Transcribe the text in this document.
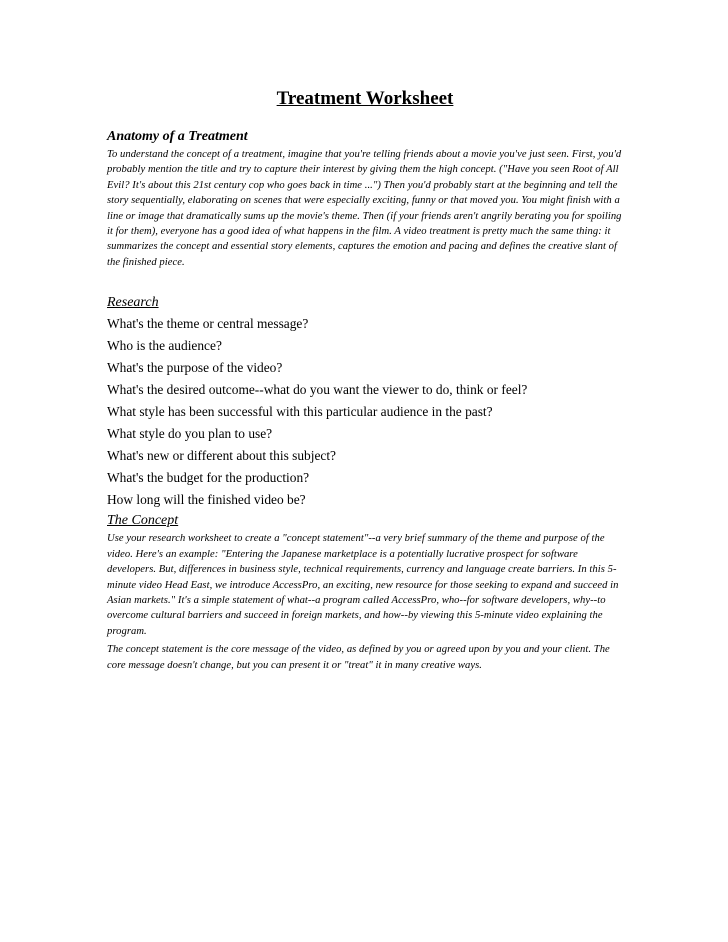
Treatment Worksheet
Anatomy of a Treatment

To understand the concept of a treatment, imagine that you're telling friends about a movie you've just seen. First, you'd probably mention the title and try to capture their interest by giving them the high concept. ("Have you seen Root of All Evil? It's about this 21st century cop who goes back in time ...") Then you'd probably start at the beginning and tell the story sequentially, elaborating on scenes that were especially exciting, funny or that moved you. You might finish with a line or image that dramatically sums up the movie's theme. Then (if your friends aren't angrily berating you for spoiling it for them), everyone has a good idea of what happens in the film. A video treatment is pretty much the same thing: it summarizes the concept and essential story elements, captures the emotion and pacing and defines the creative slant of the finished piece.

Research
What's the theme or central message?
Who is the audience?
What's the purpose of the video?
What's the desired outcome--what do you want the viewer to do, think or feel?
What style has been successful with this particular audience in the past?
What style do you plan to use?
What's new or different about this subject?
What's the budget for the production?
How long will the finished video be?
The Concept

Use your research worksheet to create a "concept statement"--a very brief summary of the theme and purpose of the video. Here's an example: "Entering the Japanese marketplace is a potentially lucrative prospect for software developers. But, differences in business style, technical requirements, currency and language create barriers. In this 5-minute video Head East, we introduce AccessPro, an exciting, new resource for those seeking to expand and succeed in Asian markets." It's a simple statement of what--a program called AccessPro, who--for software developers, why--to overcome cultural barriers and succeed in foreign markets, and how--by viewing this 5-minute video explaining the program.

The concept statement is the core message of the video, as defined by you or agreed upon by you and your client. The core message doesn't change, but you can present it or "treat" it in many creative ways.
